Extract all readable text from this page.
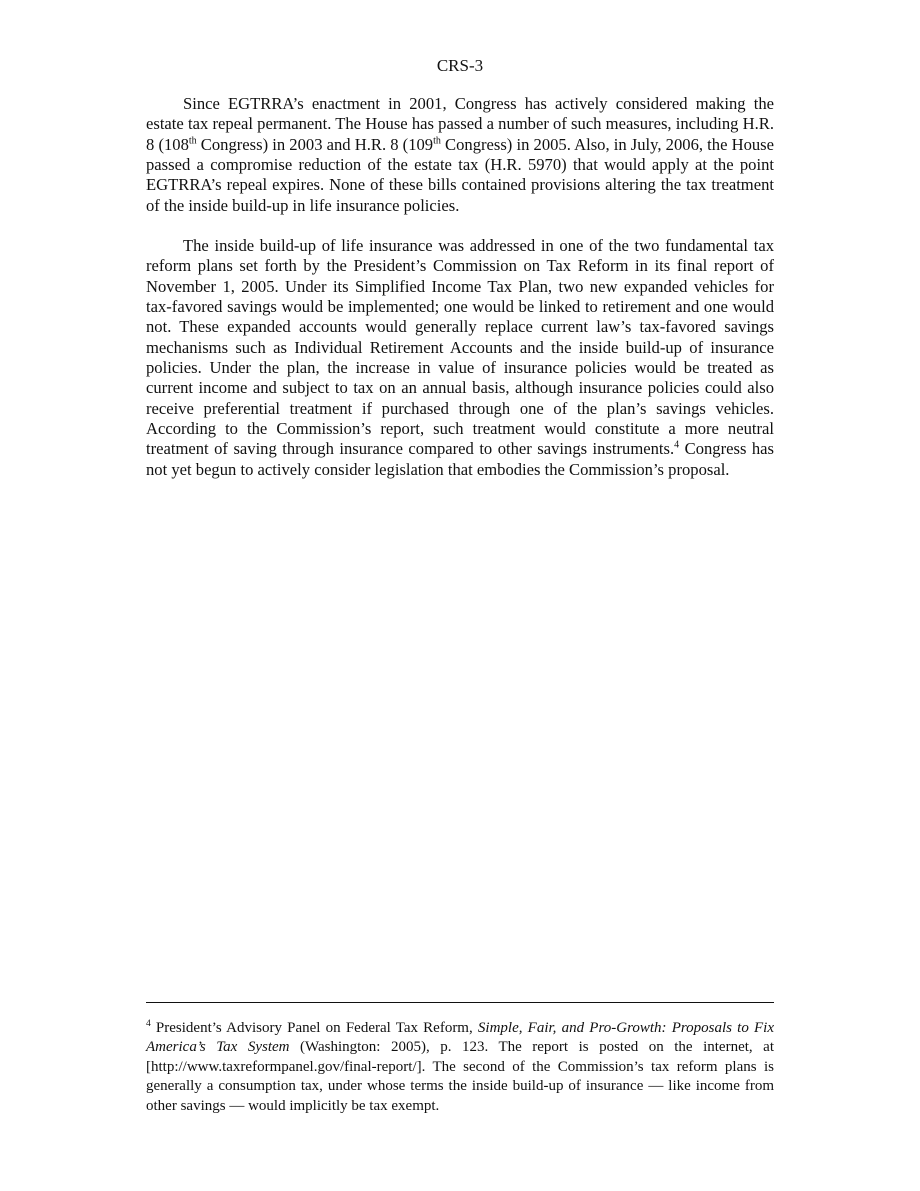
CRS-3

Since EGTRRA’s enactment in 2001, Congress has actively considered making the estate tax repeal permanent. The House has passed a number of such measures, including H.R. 8 (108th Congress) in 2003 and H.R. 8 (109th Congress) in 2005. Also, in July, 2006, the House passed a compromise reduction of the estate tax (H.R. 5970) that would apply at the point EGTRRA’s repeal expires. None of these bills contained provisions altering the tax treatment of the inside build-up in life insurance policies.

The inside build-up of life insurance was addressed in one of the two fundamental tax reform plans set forth by the President’s Commission on Tax Reform in its final report of November 1, 2005. Under its Simplified Income Tax Plan, two new expanded vehicles for tax-favored savings would be implemented; one would be linked to retirement and one would not. These expanded accounts would generally replace current law’s tax-favored savings mechanisms such as Individual Retirement Accounts and the inside build-up of insurance policies. Under the plan, the increase in value of insurance policies would be treated as current income and subject to tax on an annual basis, although insurance policies could also receive preferential treatment if purchased through one of the plan’s savings vehicles. According to the Commission’s report, such treatment would constitute a more neutral treatment of saving through insurance compared to other savings instruments.$^4$ Congress has not yet begun to actively consider legislation that embodies the Commission’s proposal.

$^4$ President’s Advisory Panel on Federal Tax Reform, Simple, Fair, and Pro-Growth: Proposals to Fix America’s Tax System (Washington: 2005), p. 123. The report is posted on the internet, at [http://www.taxreformpanel.gov/final-report/]. The second of the Commission’s tax reform plans is generally a consumption tax, under whose terms the inside build-up of insurance — like income from other savings — would implicitly be tax exempt.
